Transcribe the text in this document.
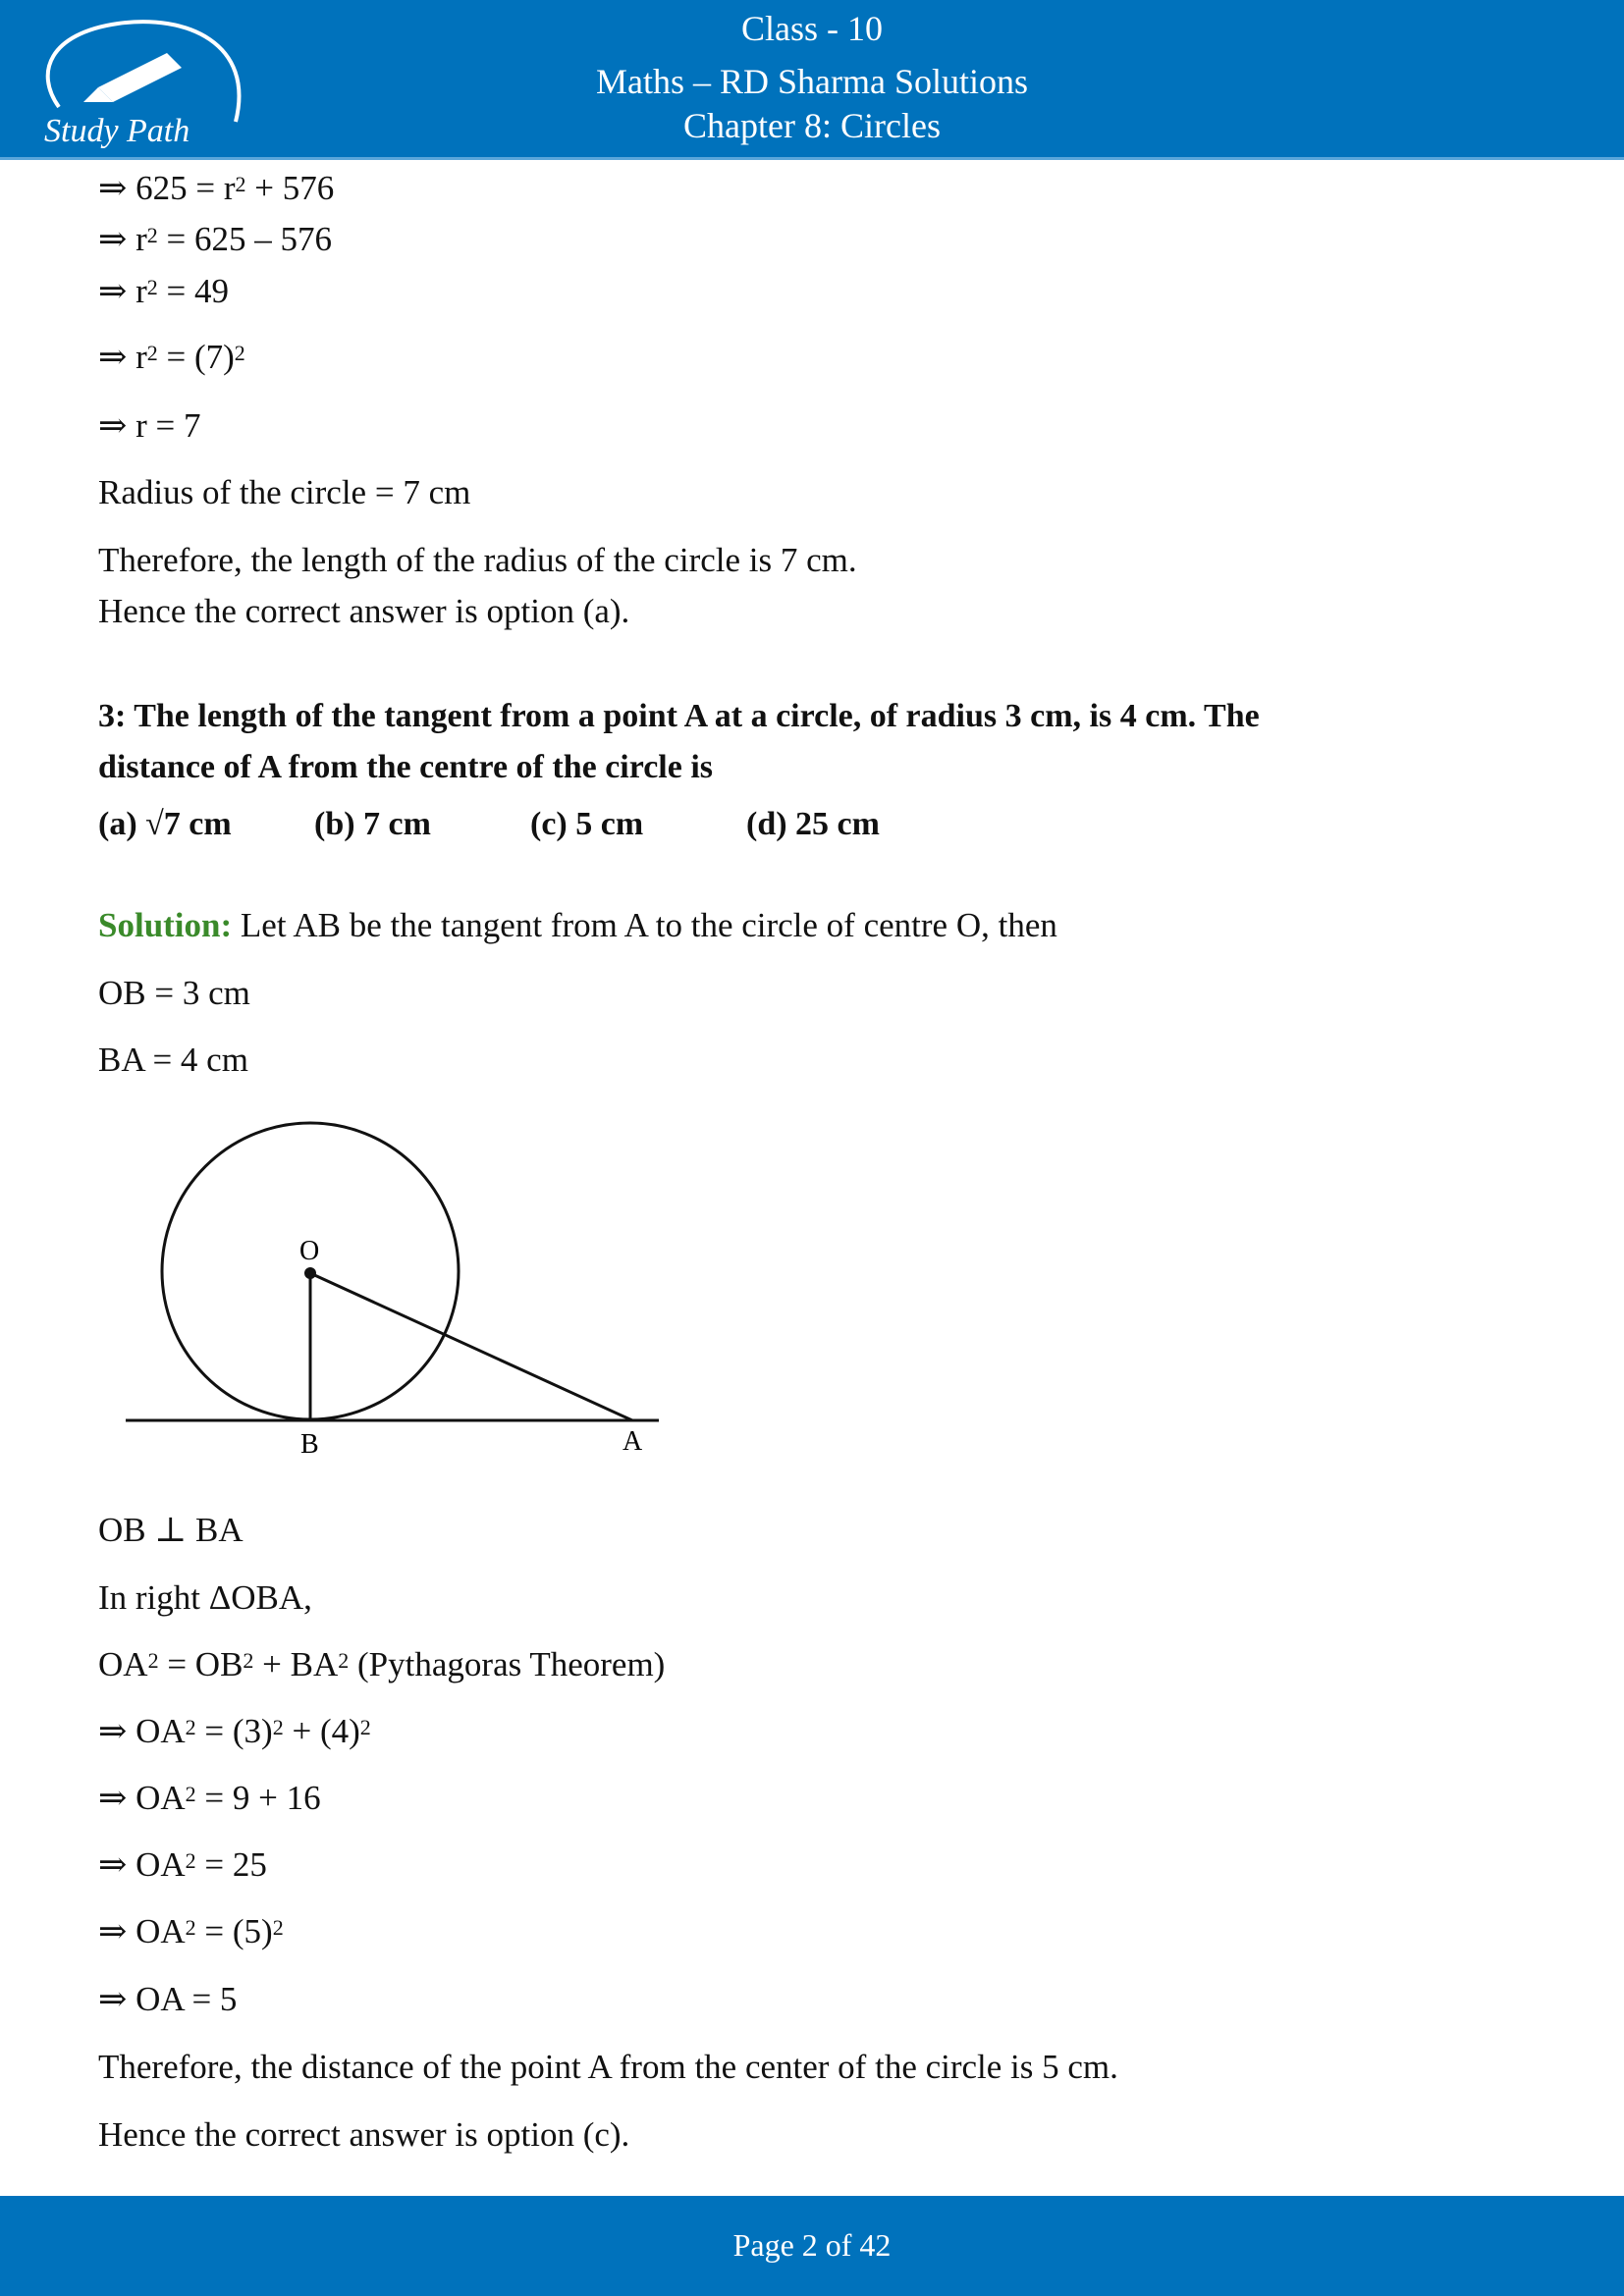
Study Path
Class - 10
Maths – RD Sharma Solutions
Chapter 8: Circles
⇒ $625 = r^2 + 576$
⇒ $r^2 = 625 - 576$
⇒ $r^2 = 49$
⇒ $r^2 = (7)^2$
⇒ r = 7
Radius of the circle = 7 cm
Therefore, the length of the radius of the circle is 7 cm.
Hence the correct answer is option (a).
3: The length of the tangent from a point A at a circle, of radius 3 cm, is 4 cm. The
distance of A from the centre of the circle is
(a) √7 cm (b) 7 cm	(c) 5 cm	(d) 25 cm
Solution: Let AB be the tangent from A to the circle of centre O, then
OB = 3 cm
BA = 4 cm
O
B	A
OB ⊥ BA
In right ΔOBA,
$OA^2 = OB^2 + BA^2$ (Pythagoras Theorem)
⇒ $OA^2 = (3)^2 + (4)^2$
⇒ $OA^2 = 9 + 16$
⇒ $OA^2 = 25$
⇒ $OA^2 = (5)^2$
⇒ OA = 5
Therefore, the distance of the point A from the center of the circle is 5 cm.
Hence the correct answer is option (c).
Page 2 of 42
